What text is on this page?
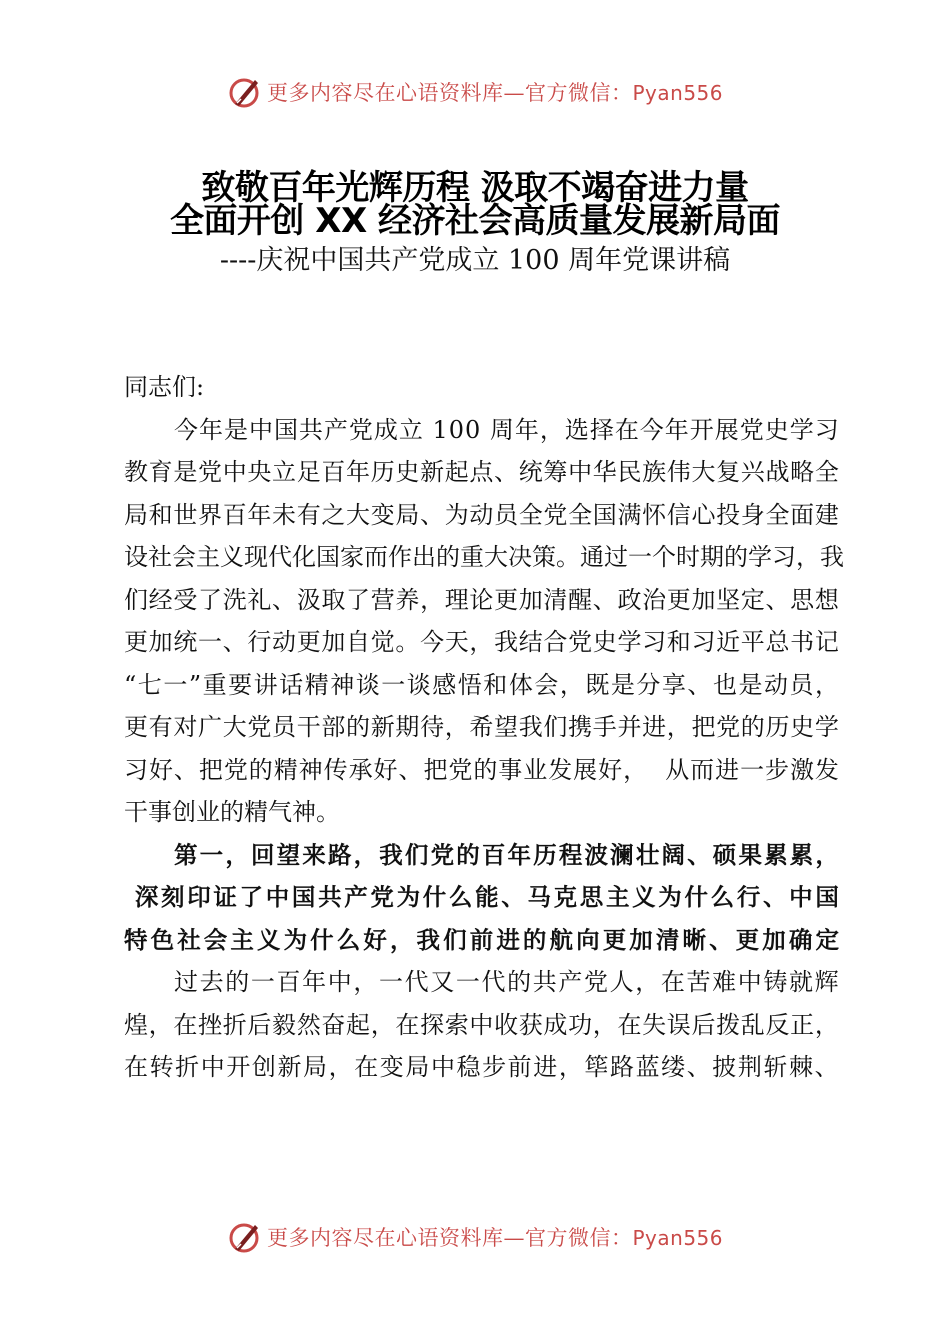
更多内容尽在心语资料库—官方微信：Pyan556
致敬百年光辉历程 汲取不竭奋进力量
全面开创 XX 经济社会高质量发展新局面
----庆祝中国共产党成立 100 周年党课讲稿
同志们:
今 年 是 中 国 共 产 党 成 立
1 0 0
周 年 ， 选 择 在 今 年 开 展 党 史 学 习
教 育 是 党 中 央 立 足 百 年 历 史 新 起 点 、 统 筹 中 华 民 族 伟 大 复 兴 战 略 全
局 和 世 界 百 年 未 有 之 大 变 局 、 为 动 员 全 党 全 国 满 怀 信 心 投 身 全 面 建
设 社 会 主 义 现 代 化 国 家 而 作 出 的 重 大 决 策 。 通 过 一 个 时 期 的 学 习 ， 我
们 经 受 了 洗 礼 、 汲 取 了 营 养 ， 理 论 更 加 清 醒 、 政 治 更 加 坚 定 、 思 想
更 加 统 一 、 行 动 更 加 自 觉 。 今 天 ， 我 结 合 党 史 学 习 和 习 近 平 总 书 记
“ 七 一 ” 重 要 讲 话 精 神 谈 一 谈 感 悟 和 体 会 ， 既 是 分 享 、 也 是 动 员 ，
更 有 对 广 大 党 员 干 部 的 新 期 待 ， 希 望 我 们 携 手 并 进 ， 把 党 的 历 史 学
习 好 、 把 党 的 精 神 传 承 好 、 把 党 的 事 业 发 展 好 ，

从 而 进 一 步 激 发
干事创业的精气神。
第 一 ， 回 望 来 路 ， 我 们 党 的 百 年 历 程 波 澜 壮 阔 、 硕 果 累 累 ，

深 刻 印 证 了 中 国 共 产 党 为 什 么 能 、 马 克 思 主 义 为 什 么 行 、 中 国
特 色 社 会 主 义 为 什 么 好 ， 我 们 前 进 的 航 向 更 加 清 晰 、 更 加 确 定
过 去 的 一 百 年 中 ， 一 代 又 一 代 的 共 产 党 人 ， 在 苦 难 中 铸 就 辉
煌 ， 在 挫 折 后 毅 然 奋 起 ， 在 探 索 中 收 获 成 功 ， 在 失 误 后 拨 乱 反 正 ，
在 转 折 中 开 创 新 局 ， 在 变 局 中 稳 步 前 进 ， 筚 路 蓝 缕 、 披 荆 斩 棘 、
更多内容尽在心语资料库—官方微信：Pyan556
